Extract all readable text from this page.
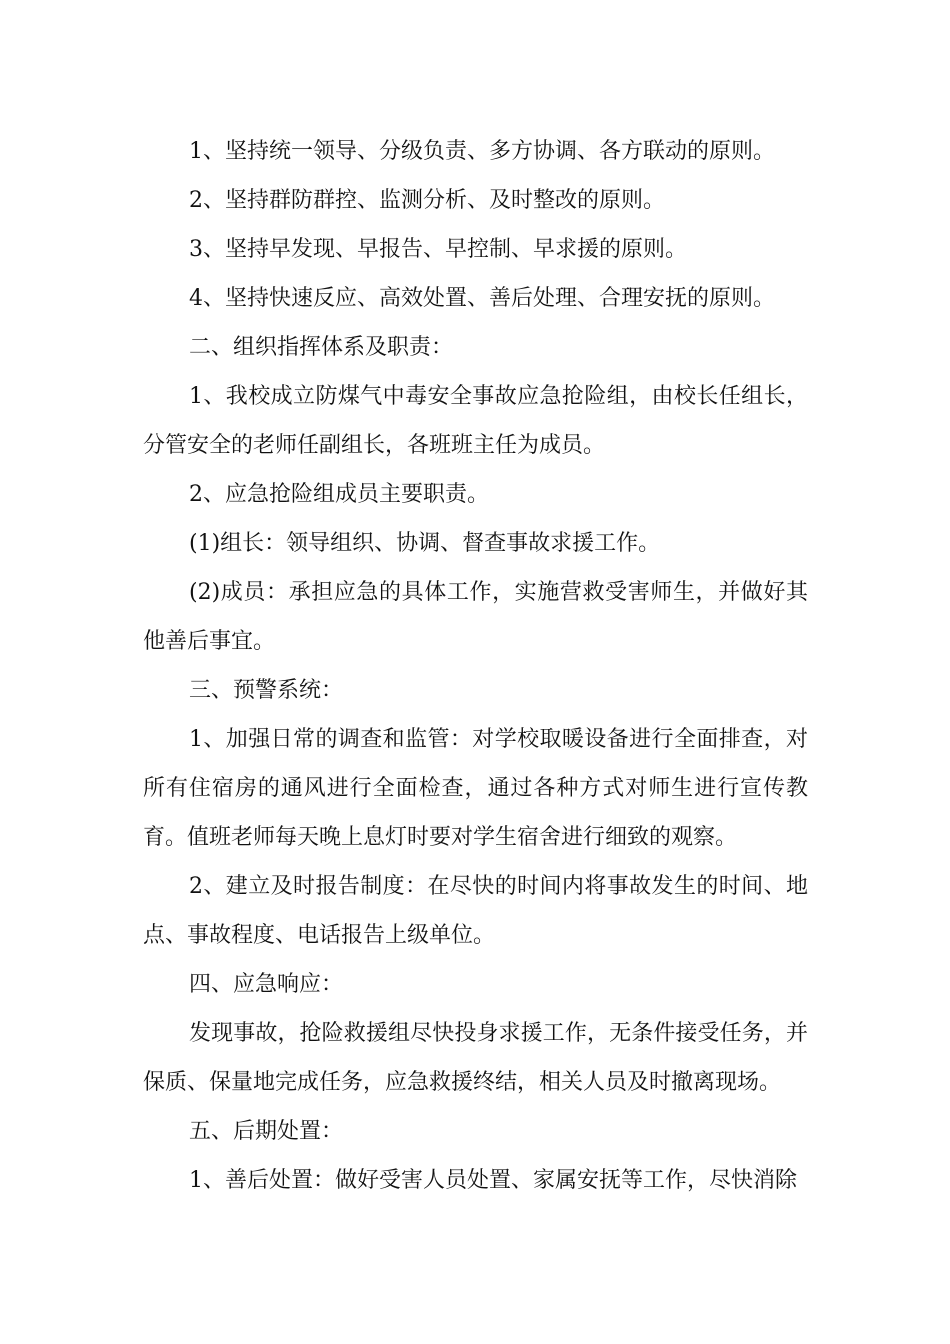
1、坚持统一领导、分级负责、多方协调、各方联动的原则。

2、坚持群防群控、监测分析、及时整改的原则。

3、坚持早发现、早报告、早控制、早求援的原则。

4、坚持快速反应、高效处置、善后处理、合理安抚的原则。

二、组织指挥体系及职责：

1、我校成立防煤气中毒安全事故应急抢险组，由校长任组长，分管安全的老师任副组长，各班班主任为成员。

2、应急抢险组成员主要职责。

(1)组长：领导组织、协调、督查事故求援工作。

(2)成员：承担应急的具体工作，实施营救受害师生，并做好其他善后事宜。

三、预警系统：

1、加强日常的调查和监管：对学校取暖设备进行全面排查，对所有住宿房的通风进行全面检查，通过各种方式对师生进行宣传教育。值班老师每天晚上息灯时要对学生宿舍进行细致的观察。

2、建立及时报告制度：在尽快的时间内将事故发生的时间、地点、事故程度、电话报告上级单位。

四、应急响应：

发现事故，抢险救援组尽快投身求援工作，无条件接受任务，并保质、保量地完成任务，应急救援终结，相关人员及时撤离现场。

五、后期处置：

1、善后处置：做好受害人员处置、家属安抚等工作，尽快消除
